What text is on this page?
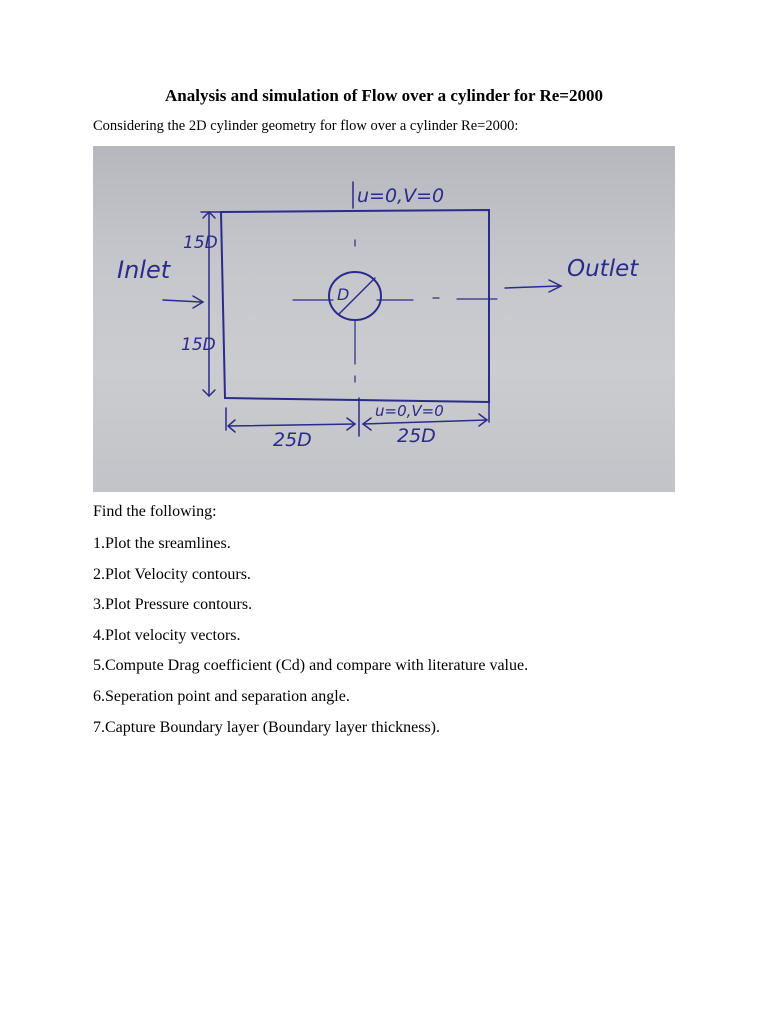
Analysis and simulation of Flow over a cylinder for Re=2000
Considering the 2D cylinder geometry for flow over a cylinder Re=2000:
u=0,V=0
Inlet	Outlet
15D
15D
D
u=0,V=0
25D	25D
Find the following:
1.Plot the sreamlines.
2.Plot Velocity contours.
3.Plot Pressure contours.
4.Plot velocity vectors.
5.Compute Drag coefficient (Cd) and compare with literature value.
6.Seperation point and separation angle.
7.Capture Boundary layer (Boundary layer thickness).
